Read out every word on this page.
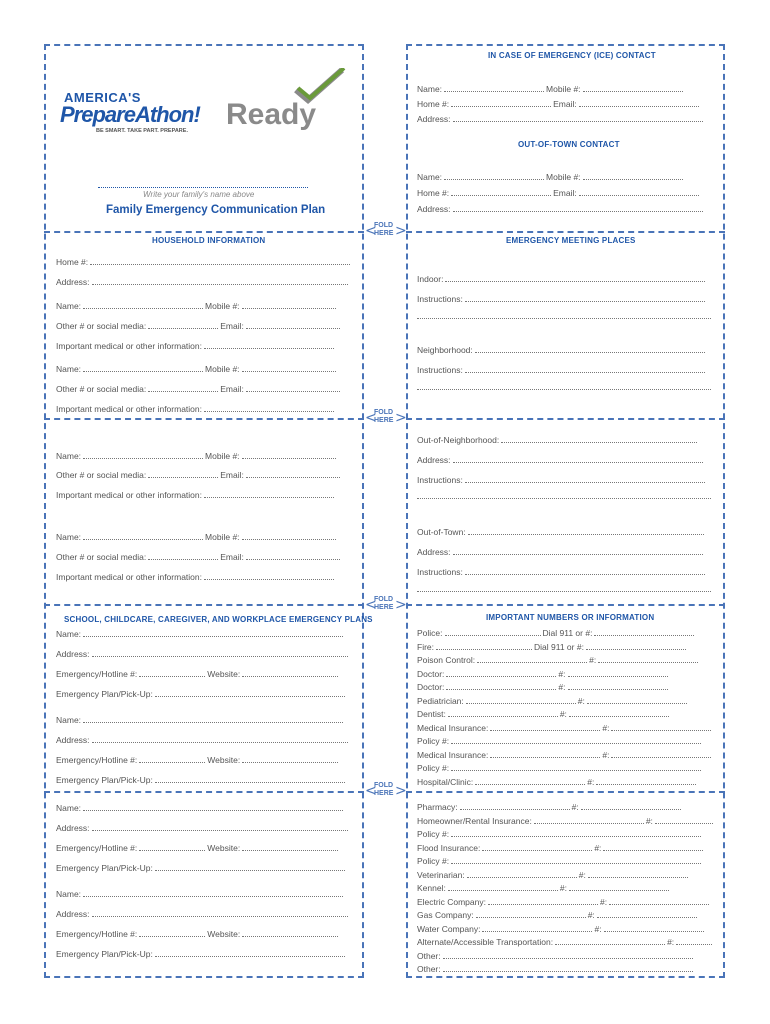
<
FOLD
HERE >
<
FOLD
HERE >
<
FOLD
HERE >
<
FOLD
HERE >
AMERICA'S
PrepareAthon!
BE SMART. TAKE PART. PREPARE. Ready
Write your family's name above
Family Emergency Communication Plan
IN CASE OF EMERGENCY (ICE) CONTACT
Name:	Mobile #:
Home #:	Email:
Address:
OUT-OF-TOWN CONTACT
Name:	Mobile #:
Home #:	Email:
Address:
HOUSEHOLD INFORMATION
Home #:
Address:
Name:	Mobile #:
Other # or social media:	Email:
Important medical or other information:
Name:	Mobile #:
Other # or social media:	Email:
Important medical or other information:
Name:	Mobile #:
Other # or social media:	Email:
Important medical or other information:
Name:	Mobile #:
Other # or social media:	Email:
Important medical or other information:
EMERGENCY MEETING PLACES
Indoor:
Instructions:
Neighborhood:
Instructions:
Out-of-Neighborhood:
Address:
Instructions:
Out-of-Town:
Address:
Instructions:
SCHOOL, CHILDCARE, CAREGIVER, AND WORKPLACE EMERGENCY PLANS
Name:
Address:
Emergency/Hotline #:	Website:
Emergency Plan/Pick-Up:
Name:
Address:
Emergency/Hotline #:	Website:
Emergency Plan/Pick-Up:
Name:
Address:
Emergency/Hotline #:	Website:
Emergency Plan/Pick-Up:
Name:
Address:
Emergency/Hotline #:	Website:
Emergency Plan/Pick-Up:
IMPORTANT NUMBERS OR INFORMATION
Police:	Dial 911 or #:
Fire:	Dial 911 or #:
Poison Control:	#:
Doctor:	#:
Doctor:	#:
Pediatrician:	#:
Dentist:	#:
Medical Insurance:	#:
Policy #:
Medical Insurance:	#:
Policy #:
Hospital/Clinic:	#:
Pharmacy:	#:
Homeowner/Rental Insurance:	#:
Policy #:
Flood Insurance:	#:
Policy #:
Veterinarian:	#:
Kennel:	#:
Electric Company:	#:
Gas Company:	#:
Water Company:	#:
Alternate/Accessible Transportation:	#:
Other:
Other:
